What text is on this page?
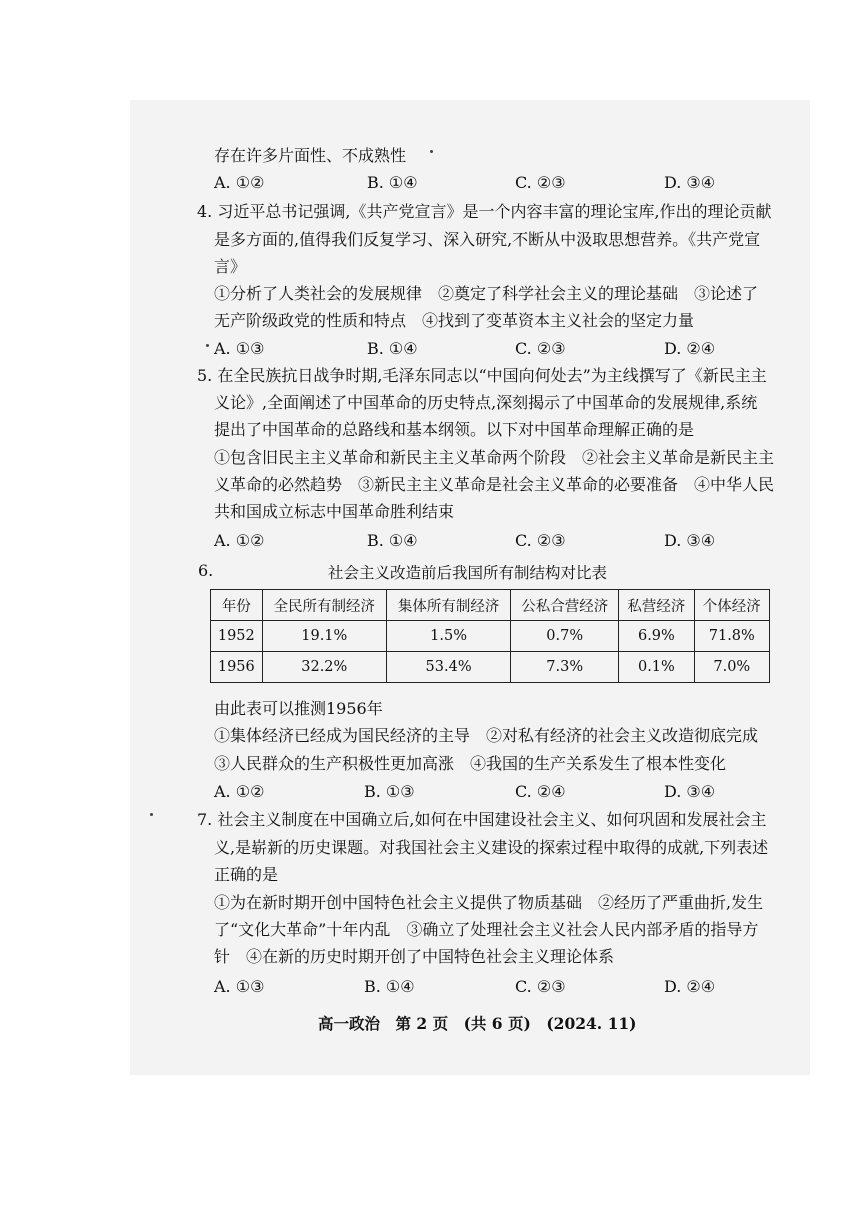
存在许多片面性、不成熟性
A. ①②	B. ①④	C. ②③	D. ③④
4. 习近平总书记强调,《共产党宣言》是一个内容丰富的理论宝库,作出的理论贡献
是多方面的,值得我们反复学习、深入研究,不断从中汲取思想营养。《共产党宣
言》
①分析了人类社会的发展规律　②奠定了科学社会主义的理论基础　③论述了
无产阶级政党的性质和特点　④找到了变革资本主义社会的坚定力量
A. ①③	B. ①④	C. ②③	D. ②④
5. 在全民族抗日战争时期,毛泽东同志以“中国向何处去”为主线撰写了《新民主主
义论》,全面阐述了中国革命的历史特点,深刻揭示了中国革命的发展规律,系统
提出了中国革命的总路线和基本纲领。以下对中国革命理解正确的是
①包含旧民主主义革命和新民主主义革命两个阶段　②社会主义革命是新民主主
义革命的必然趋势　③新民主主义革命是社会主义革命的必要准备　④中华人民
共和国成立标志中国革命胜利结束
A. ①②	B. ①④	C. ②③	D. ③④
6.	社会主义改造前后我国所有制结构对比表
年份	全民所有制经济	集体所有制经济	公私合营经济	私营经济	个体经济
1952	19.1%	1.5%	0.7%	6.9%	71.8%
1956	32.2%	53.4%	7.3%	0.1%	7.0%
由此表可以推测1956年
①集体经济已经成为国民经济的主导　②对私有经济的社会主义改造彻底完成
③人民群众的生产积极性更加高涨　④我国的生产关系发生了根本性变化
A. ①②	B. ①③	C. ②④	D. ③④
7. 社会主义制度在中国确立后,如何在中国建设社会主义、如何巩固和发展社会主
义,是崭新的历史课题。对我国社会主义建设的探索过程中取得的成就,下列表述
正确的是
①为在新时期开创中国特色社会主义提供了物质基础　②经历了严重曲折,发生
了“文化大革命”十年内乱　③确立了处理社会主义社会人民内部矛盾的指导方
针　④在新的历史时期开创了中国特色社会主义理论体系
A. ①③	B. ①④	C. ②③	D. ②④
高一政治　第 2 页　(共 6 页)　(2024. 11)
